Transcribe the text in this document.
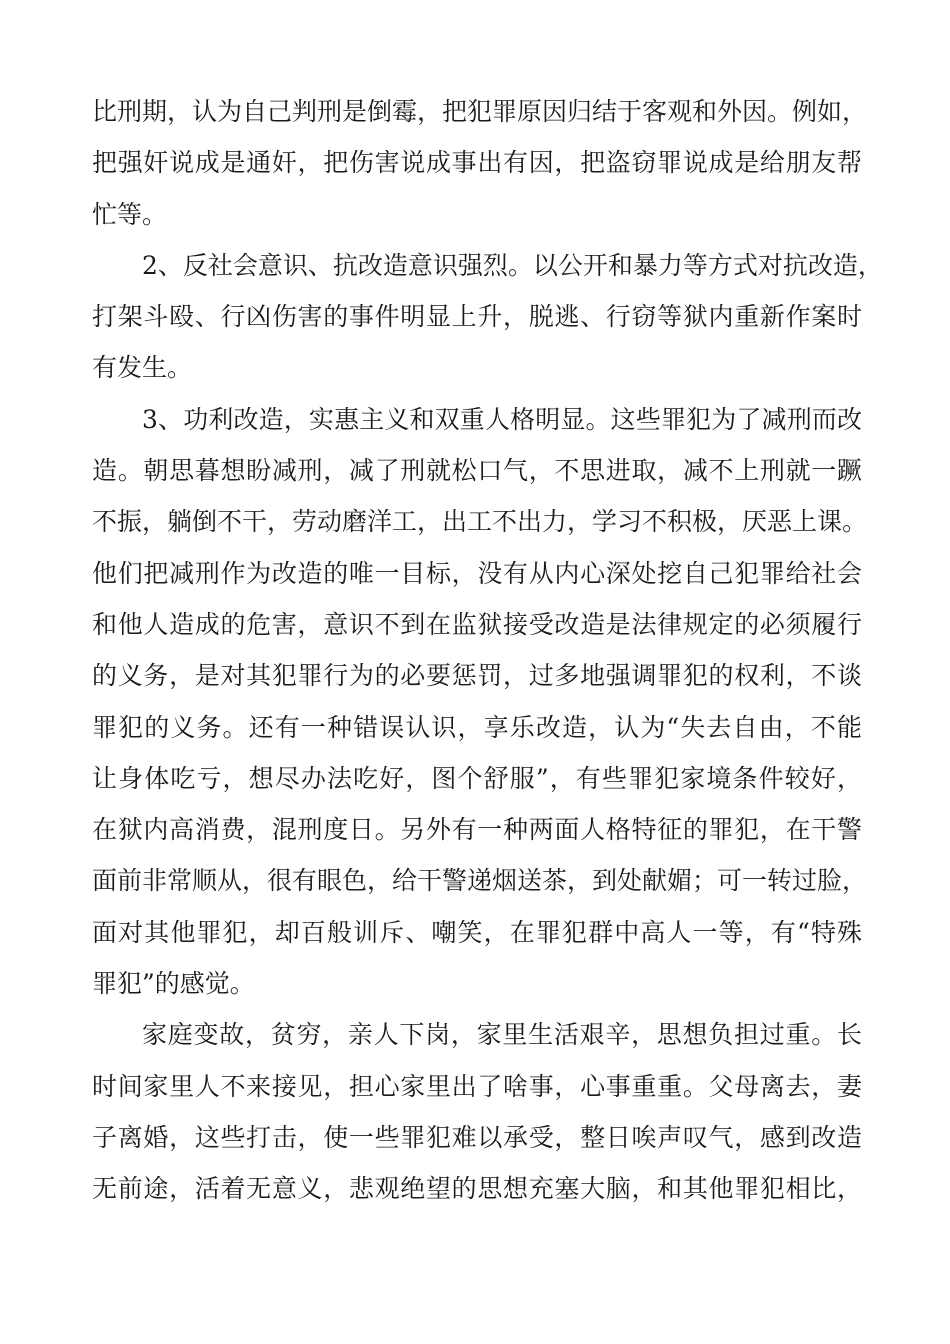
比刑期，认为自己判刑是倒霉，把犯罪原因归结于客观和外因。例如，
把强奸说成是通奸，把伤害说成事出有因，把盗窃罪说成是给朋友帮
忙等。
2、反社会意识、抗改造意识强烈。以公开和暴力等方式对抗改造，
打架斗殴、行凶伤害的事件明显上升，脱逃、行窃等狱内重新作案时
有发生。
3、功利改造，实惠主义和双重人格明显。这些罪犯为了减刑而改
造。朝思暮想盼减刑，减了刑就松口气，不思进取，减不上刑就一蹶
不振，躺倒不干，劳动磨洋工，出工不出力，学习不积极，厌恶上课。
他们把减刑作为改造的唯一目标，没有从内心深处挖自己犯罪给社会
和他人造成的危害，意识不到在监狱接受改造是法律规定的必须履行
的义务，是对其犯罪行为的必要惩罚，过多地强调罪犯的权利，不谈
罪犯的义务。还有一种错误认识，享乐改造，认为“失去自由，不能
让身体吃亏，想尽办法吃好，图个舒服”，有些罪犯家境条件较好，
在狱内高消费，混刑度日。另外有一种两面人格特征的罪犯，在干警
面前非常顺从，很有眼色，给干警递烟送茶，到处献媚；可一转过脸，
面对其他罪犯，却百般训斥、嘲笑，在罪犯群中高人一等，有“特殊
罪犯”的感觉。
家庭变故，贫穷，亲人下岗，家里生活艰辛，思想负担过重。长
时间家里人不来接见，担心家里出了啥事，心事重重。父母离去，妻
子离婚，这些打击，使一些罪犯难以承受，整日唉声叹气，感到改造
无前途，活着无意义，悲观绝望的思想充塞大脑，和其他罪犯相比，
